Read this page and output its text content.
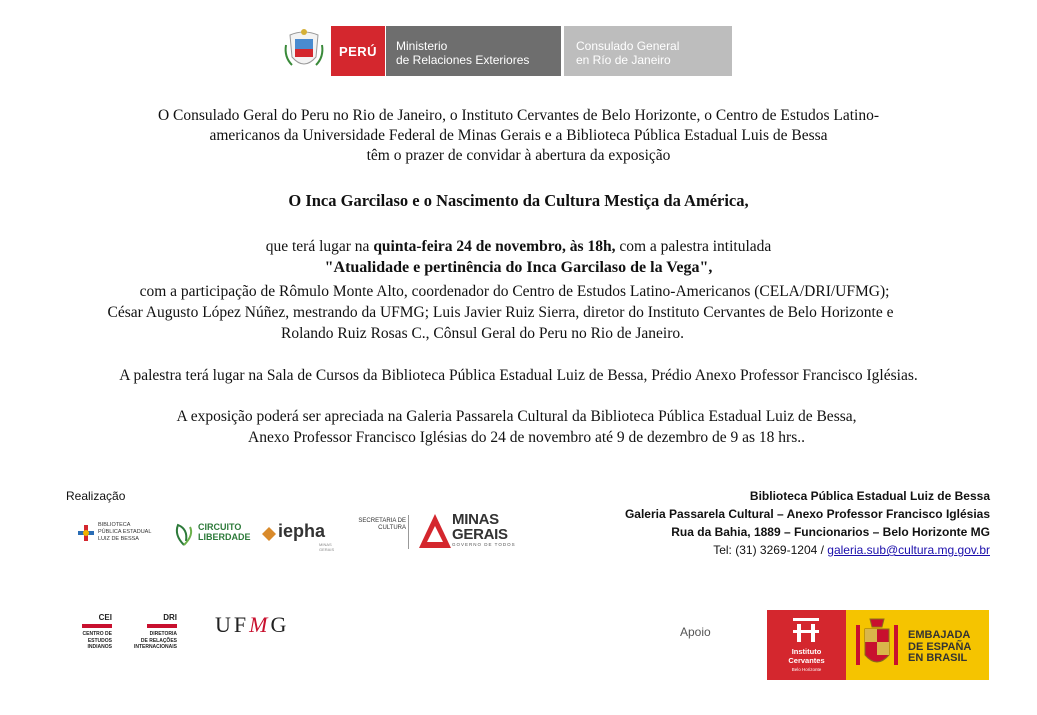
PERÚ Ministerio
de Relaciones Exteriores
Consulado General
en Río de Janeiro
O Consulado Geral do Peru no Rio de Janeiro, o Instituto Cervantes de Belo Horizonte, o Centro de Estudos Latino-
americanos da Universidade Federal de Minas Gerais e a Biblioteca Pública Estadual Luis de Bessa
têm o prazer de convidar à abertura da exposição
O Inca Garcilaso e o Nascimento da Cultura Mestiça da América,
que terá lugar na quinta-feira 24 de novembro, às 18h, com a palestra intitulada
"Atualidade e pertinência do Inca Garcilaso de la Vega",
com a participação de Rômulo Monte Alto, coordenador do Centro de Estudos Latino-Americanos (CELA/DRI/UFMG);
César Augusto López Núñez, mestrando da UFMG; Luis Javier Ruiz Sierra, diretor do Instituto Cervantes de Belo Horizonte e
Rolando Ruiz Rosas C., Cônsul Geral do Peru no Rio de Janeiro.
A palestra terá lugar na Sala de Cursos da Biblioteca Pública Estadual Luiz de Bessa, Prédio Anexo Professor Francisco Iglésias.
A exposição poderá ser apreciada na Galeria Passarela Cultural da Biblioteca Pública Estadual Luiz de Bessa,
Anexo Professor Francisco Iglésias do 24 de novembro até 9 de dezembro de 9 as 18 hrs..
Realização
BIBLIOTECA
PÚBLICA ESTADUAL
LUIZ DE BESSA
CIRCUITO
LIBERDADE iepha
MINAS GERAIS
SECRETARIA DE
CULTURA	MINAS
GERAIS
GOVERNO DE TODOS
Biblioteca Pública Estadual Luiz de Bessa
Galeria Passarela Cultural – Anexo Professor Francisco Iglésias
Rua da Bahia, 1889 – Funcionarios – Belo Horizonte MG
Tel: (31) 3269-1204 / galeria.sub@cultura.mg.gov.br
CEI
CENTRO DE
ESTUDOS
INDIANOS
DRI
DIRETORIA
DE RELAÇÕES
INTERNACIONAIS
UFMG	Apoio
Instituto
Cervantes
Belo Horizonte
EMBAJADA
DE ESPAÑA
EN BRASIL
